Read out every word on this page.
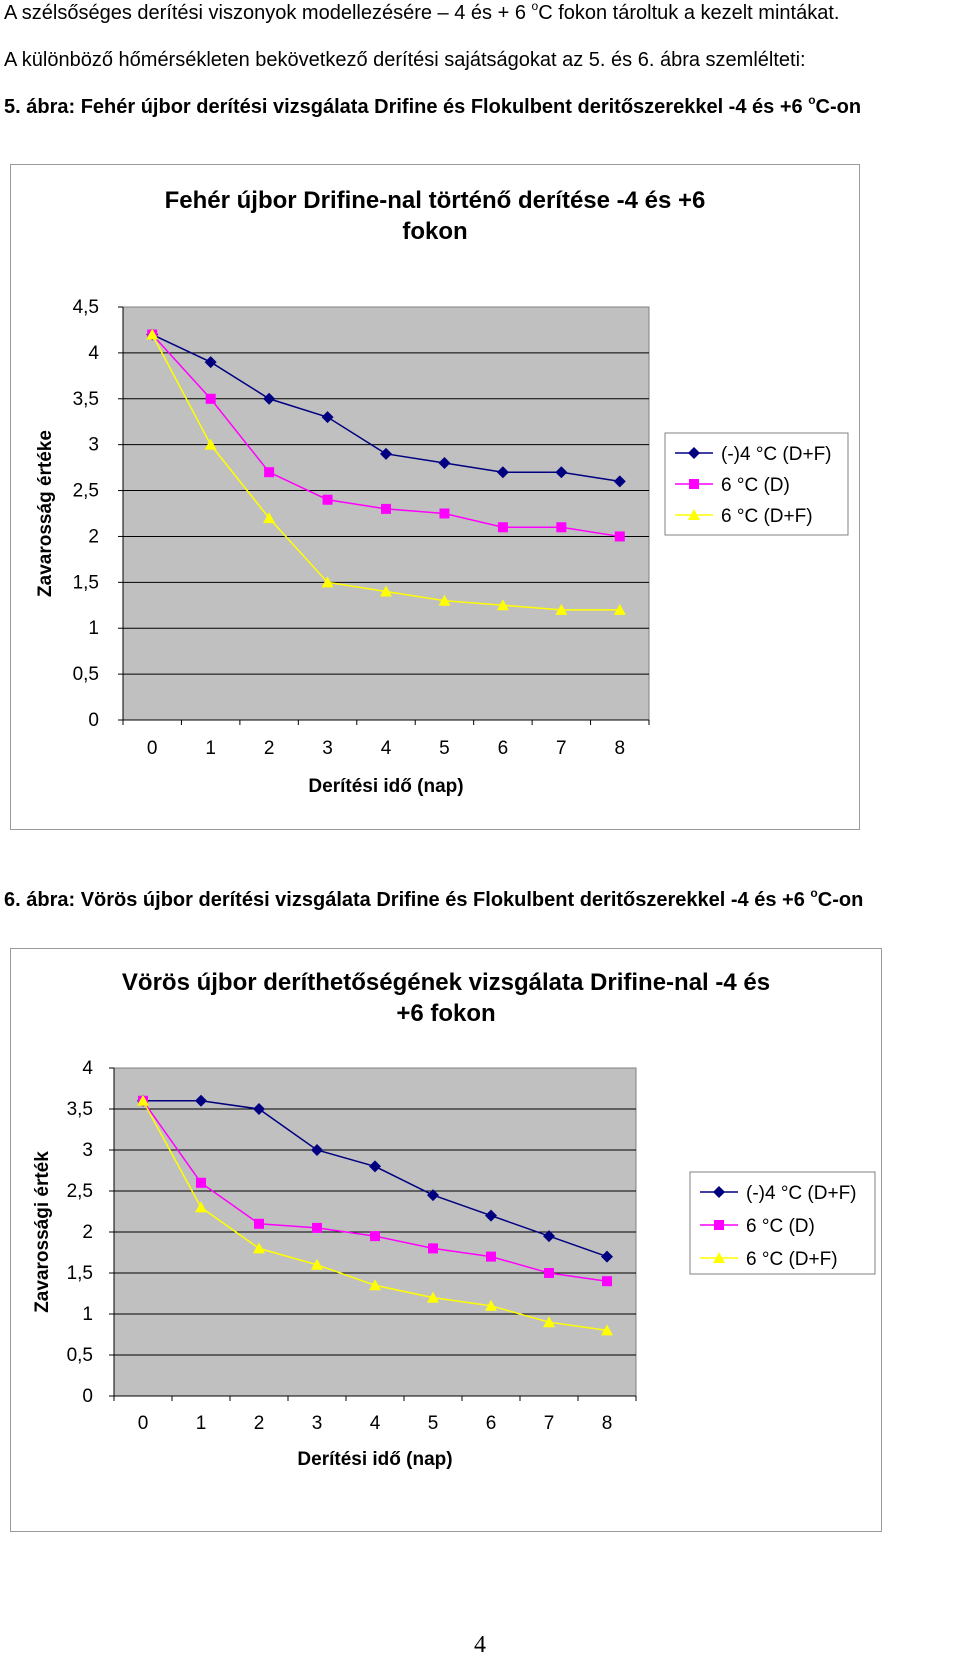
A szélsőséges derítési viszonyok modellezésére – 4 és + 6 $^o$C fokon tároltuk a kezelt mintákat.
A különböző hőmérsékleten bekövetkező derítési sajátságokat az 5. és 6. ábra szemlélteti:
5. ábra: Fehér újbor derítési vizsgálata Drifine és Flokulbent deritőszerekkel -4 és +6 $^o$C-on
Fehér újbor Drifine-nal történő derítése -4 és +6
fokon
0
0,5
1
1,5
2
2,5
3
3,5
4
4,5
0	1	2	3	4	5	6	7	8
Derítési idő (nap)
Zavarosság értéke	(-)4 °C (D+F)
6 °C (D)
6 °C (D+F)
6. ábra: Vörös újbor derítési vizsgálata Drifine és Flokulbent deritőszerekkel -4 és +6 $^o$C-on
Vörös újbor deríthetőségének vizsgálata Drifine-nal -4 és
+6 fokon
0
0,5
1
1,5
2
2,5
3
3,5
4
0 1 2 3 4 5 6 7 8
Derítési idő (nap)
Zavarossági érték	(-)4 °C (D+F)
6 °C (D)
6 °C (D+F)
4
